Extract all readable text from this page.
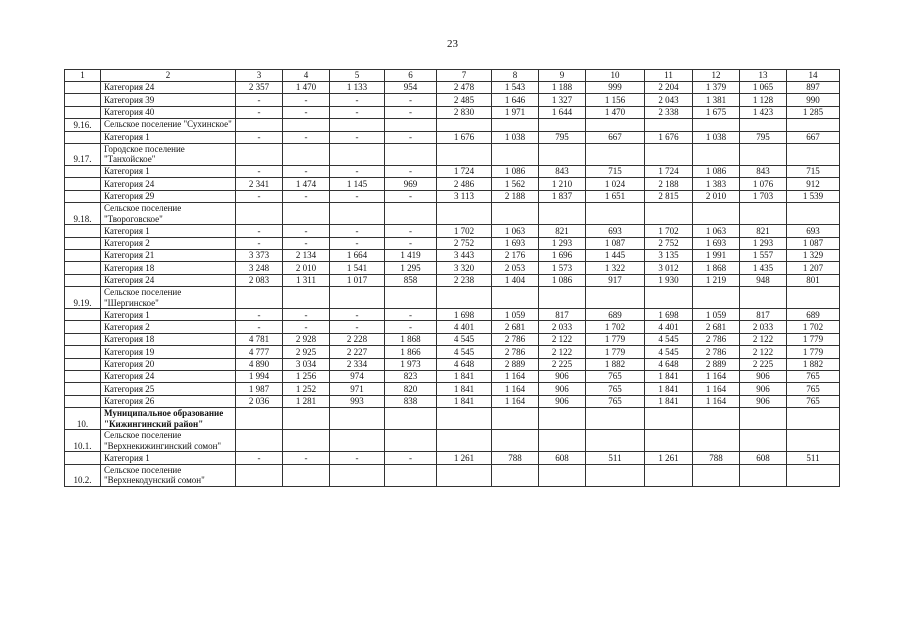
23
1	2	3	4	5	6	7	8	9	10	11	12	13	14
	Категория 24	2 357	1 470	1 133	954	2 478	1 543	1 188	999	2 204	1 379	1 065	897
	Категория 39	-	-	-	-	2 485	1 646	1 327	1 156	2 043	1 381	1 128	990
	Категория 40	-	-	-	-	2 830	1 971	1 644	1 470	2 338	1 675	1 423	1 285
9.16.	Сельское поселение "Сухинское"												
	Категория 1	-	-	-	-	1 676	1 038	795	667	1 676	1 038	795	667
9.17.	Городское поселение "Танхойское"												
	Категория 1	-	-	-	-	1 724	1 086	843	715	1 724	1 086	843	715
	Категория 24	2 341	1 474	1 145	969	2 486	1 562	1 210	1 024	2 188	1 383	1 076	912
	Категория 29	-	-	-	-	3 113	2 188	1 837	1 651	2 815	2 010	1 703	1 539
9.18.	Сельское поселение "Твороговское"												
	Категория 1	-	-	-	-	1 702	1 063	821	693	1 702	1 063	821	693
	Категория 2	-	-	-	-	2 752	1 693	1 293	1 087	2 752	1 693	1 293	1 087
	Категория 21	3 373	2 134	1 664	1 419	3 443	2 176	1 696	1 445	3 135	1 991	1 557	1 329
	Категория 18	3 248	2 010	1 541	1 295	3 320	2 053	1 573	1 322	3 012	1 868	1 435	1 207
	Категория 24	2 083	1 311	1 017	858	2 238	1 404	1 086	917	1 930	1 219	948	801
9.19.	Сельское поселение "Шергинское"												
	Категория 1	-	-	-	-	1 698	1 059	817	689	1 698	1 059	817	689
	Категория 2	-	-	-	-	4 401	2 681	2 033	1 702	4 401	2 681	2 033	1 702
	Категория 18	4 781	2 928	2 228	1 868	4 545	2 786	2 122	1 779	4 545	2 786	2 122	1 779
	Категория 19	4 777	2 925	2 227	1 866	4 545	2 786	2 122	1 779	4 545	2 786	2 122	1 779
	Категория 20	4 890	3 034	2 334	1 973	4 648	2 889	2 225	1 882	4 648	2 889	2 225	1 882
	Категория 24	1 994	1 256	974	823	1 841	1 164	906	765	1 841	1 164	906	765
	Категория 25	1 987	1 252	971	820	1 841	1 164	906	765	1 841	1 164	906	765
	Категория 26	2 036	1 281	993	838	1 841	1 164	906	765	1 841	1 164	906	765
10.	Муниципальное образование "Кижингинский район"												
10.1.	Сельское поселение "Верхнекижингинский сомон"												
	Категория 1	-	-	-	-	1 261	788	608	511	1 261	788	608	511
10.2.	Сельское поселение "Верхнекодунский сомон"												
